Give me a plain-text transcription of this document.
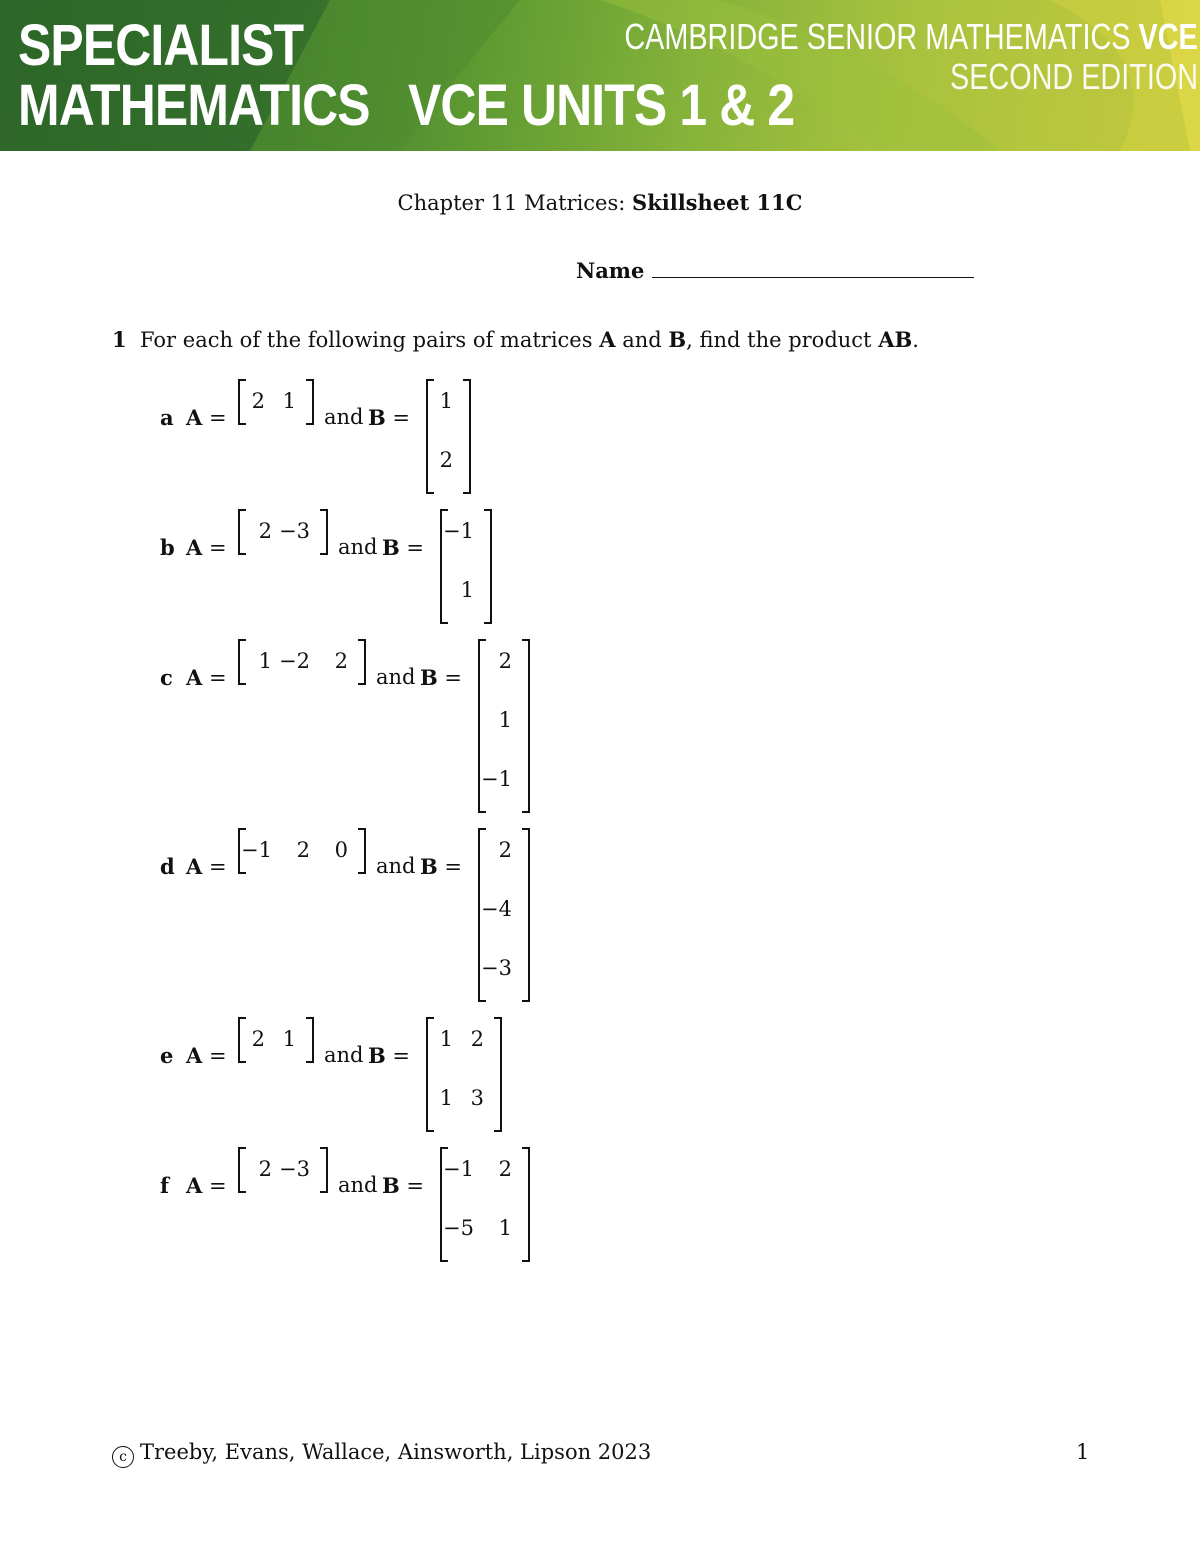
SPECIALIST
MATHEMATICS VCE UNITS 1 & 2
CAMBRIDGE SENIOR MATHEMATICS VCE
SECOND EDITION
Chapter 11 Matrices: Skillsheet 11C
Name
1 For each of the following pairs of matrices A and B, find the product AB.
a A =
2 1
and B =
1
2
b A =
2 −3
and B =
−1
1
c A =
1 −2	2
and B =
2
1
−1
d A =
−1	2	0
and B =
2
−4
−3
e A =
2 1
and B =
1 2
1 3
f A =
2 −3
and B =
−1	2
−5	1
c Treeby, Evans, Wallace, Ainsworth, Lipson 2023	1
